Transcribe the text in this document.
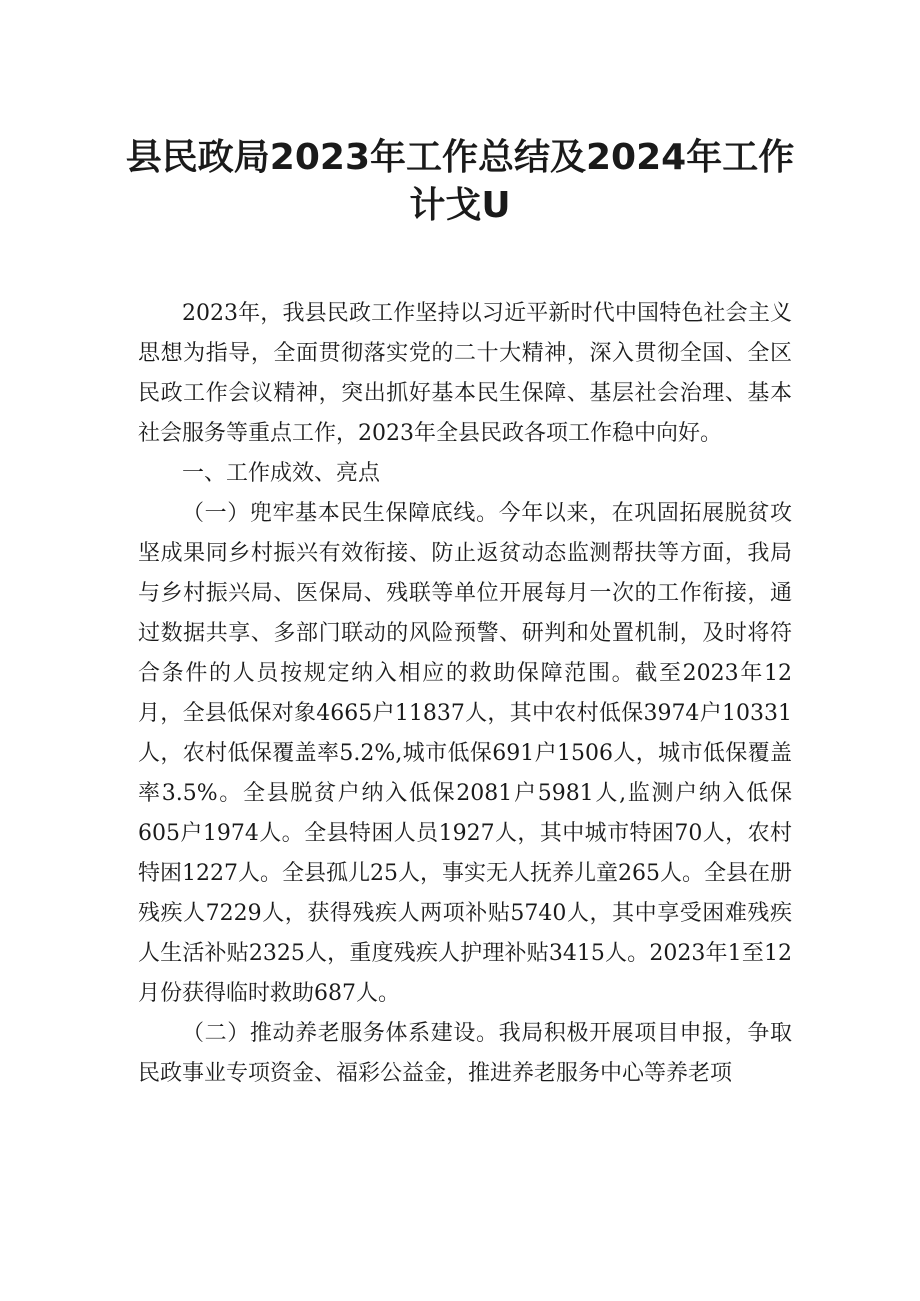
县民政局2023年工作总结及2024年工作
计戈U

2023年，我县民政工作坚持以习近平新时代中国特色社会主义思想为指导，全面贯彻落实党的二十大精神，深入贯彻全国、全区民政工作会议精神，突出抓好基本民生保障、基层社会治理、基本社会服务等重点工作，2023年全县民政各项工作稳中向好。

一、工作成效、亮点

（一）兜牢基本民生保障底线。今年以来，在巩固拓展脱贫攻坚成果同乡村振兴有效衔接、防止返贫动态监测帮扶等方面，我局与乡村振兴局、医保局、残联等单位开展每月一次的工作衔接，通过数据共享、多部门联动的风险预警、研判和处置机制，及时将符合条件的人员按规定纳入相应的救助保障范围。截至2023年12月，全县低保对象4665户11837人，其中农村低保3974户10331人，农村低保覆盖率5.2%,城市低保691户1506人，城市低保覆盖率3.5%。全县脱贫户纳入低保2081户5981人,监测户纳入低保605户1974人。全县特困人员1927人，其中城市特困70人，农村特困1227人。全县孤儿25人，事实无人抚养儿童265人。全县在册残疾人7229人，获得残疾人两项补贴5740人，其中享受困难残疾人生活补贴2325人，重度残疾人护理补贴3415人。2023年1至12月份获得临时救助687人。

（二）推动养老服务体系建设。我局积极开展项目申报，争取民政事业专项资金、福彩公益金，推进养老服务中心等养老项
